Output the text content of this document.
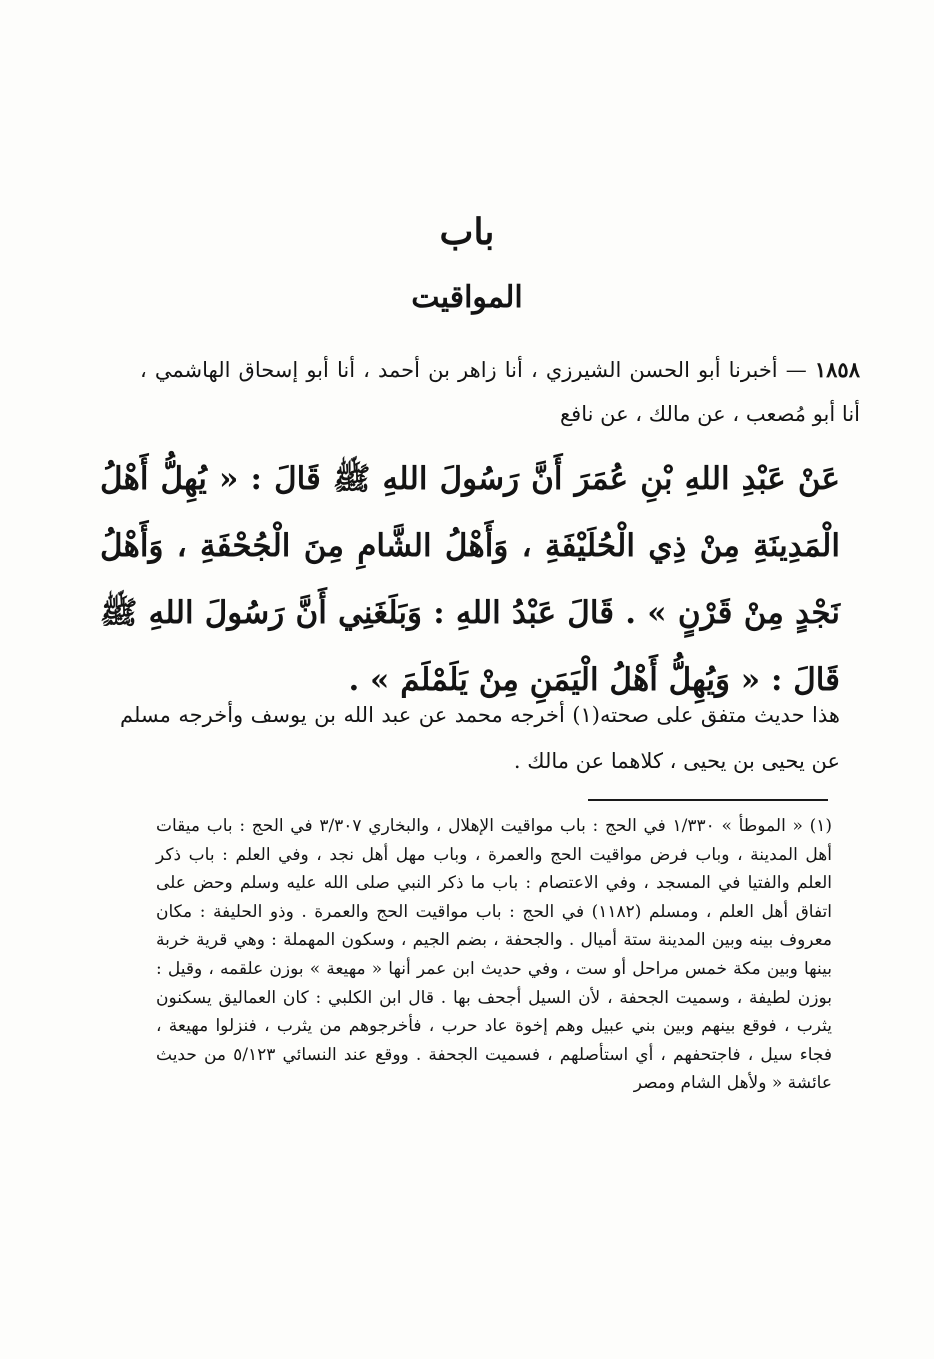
باب
المواقيت
١٨٥٨ — أخبرنا أبو الحسن الشيرزي ، أنا زاهر بن أحمد ، أنا أبو إسحاق الهاشمي ، أنا أبو مُصعب ، عن مالك ، عن نافع
عَنْ عَبْدِ اللهِ بْنِ عُمَرَ أَنَّ رَسُولَ اللهِ ﷺ قَالَ : « يُهِلُّ أَهْلُ الْمَدِينَةِ مِنْ ذِي الْحُلَيْفَةِ ، وَأَهْلُ الشَّامِ مِنَ الْجُحْفَةِ ، وَأَهْلُ نَجْدٍ مِنْ قَرْنٍ » . قَالَ عَبْدُ اللهِ : وَبَلَغَنِي أَنَّ رَسُولَ اللهِ ﷺ قَالَ : « وَيُهِلُّ أَهْلُ الْيَمَنِ مِنْ يَلَمْلَمَ » .
هذا حديث متفق على صحته(١) أخرجه محمد عن عبد الله بن يوسف وأخرجه مسلم عن يحيى بن يحيى ، كلاهما عن مالك .
(١) « الموطأ » ١/٣٣٠ في الحج : باب مواقيت الإهلال ، والبخاري ٣/٣٠٧ في الحج : باب ميقات أهل المدينة ، وباب فرض مواقيت الحج والعمرة ، وباب مهل أهل نجد ، وفي العلم : باب ذكر العلم والفتيا في المسجد ، وفي الاعتصام : باب ما ذكر النبي صلى الله عليه وسلم وحض على اتفاق أهل العلم ، ومسلم (١١٨٢) في الحج : باب مواقيت الحج والعمرة . وذو الحليفة : مكان معروف بينه وبين المدينة ستة أميال . والجحفة ، بضم الجيم ، وسكون المهملة : وهي قرية خربة بينها وبين مكة خمس مراحل أو ست ، وفي حديث ابن عمر أنها « مهيعة » بوزن علقمه ، وقيل : بوزن لطيفة ، وسميت الجحفة ، لأن السيل أجحف بها . قال ابن الكلبي : كان العماليق يسكنون يثرب ، فوقع بينهم وبين بني عبيل وهم إخوة عاد حرب ، فأخرجوهم من يثرب ، فنزلوا مهيعة ، فجاء سيل ، فاجتحفهم ، أي استأصلهم ، فسميت الجحفة . ووقع عند النسائي ٥/١٢٣ من حديث عائشة « ولأهل الشام ومصر
